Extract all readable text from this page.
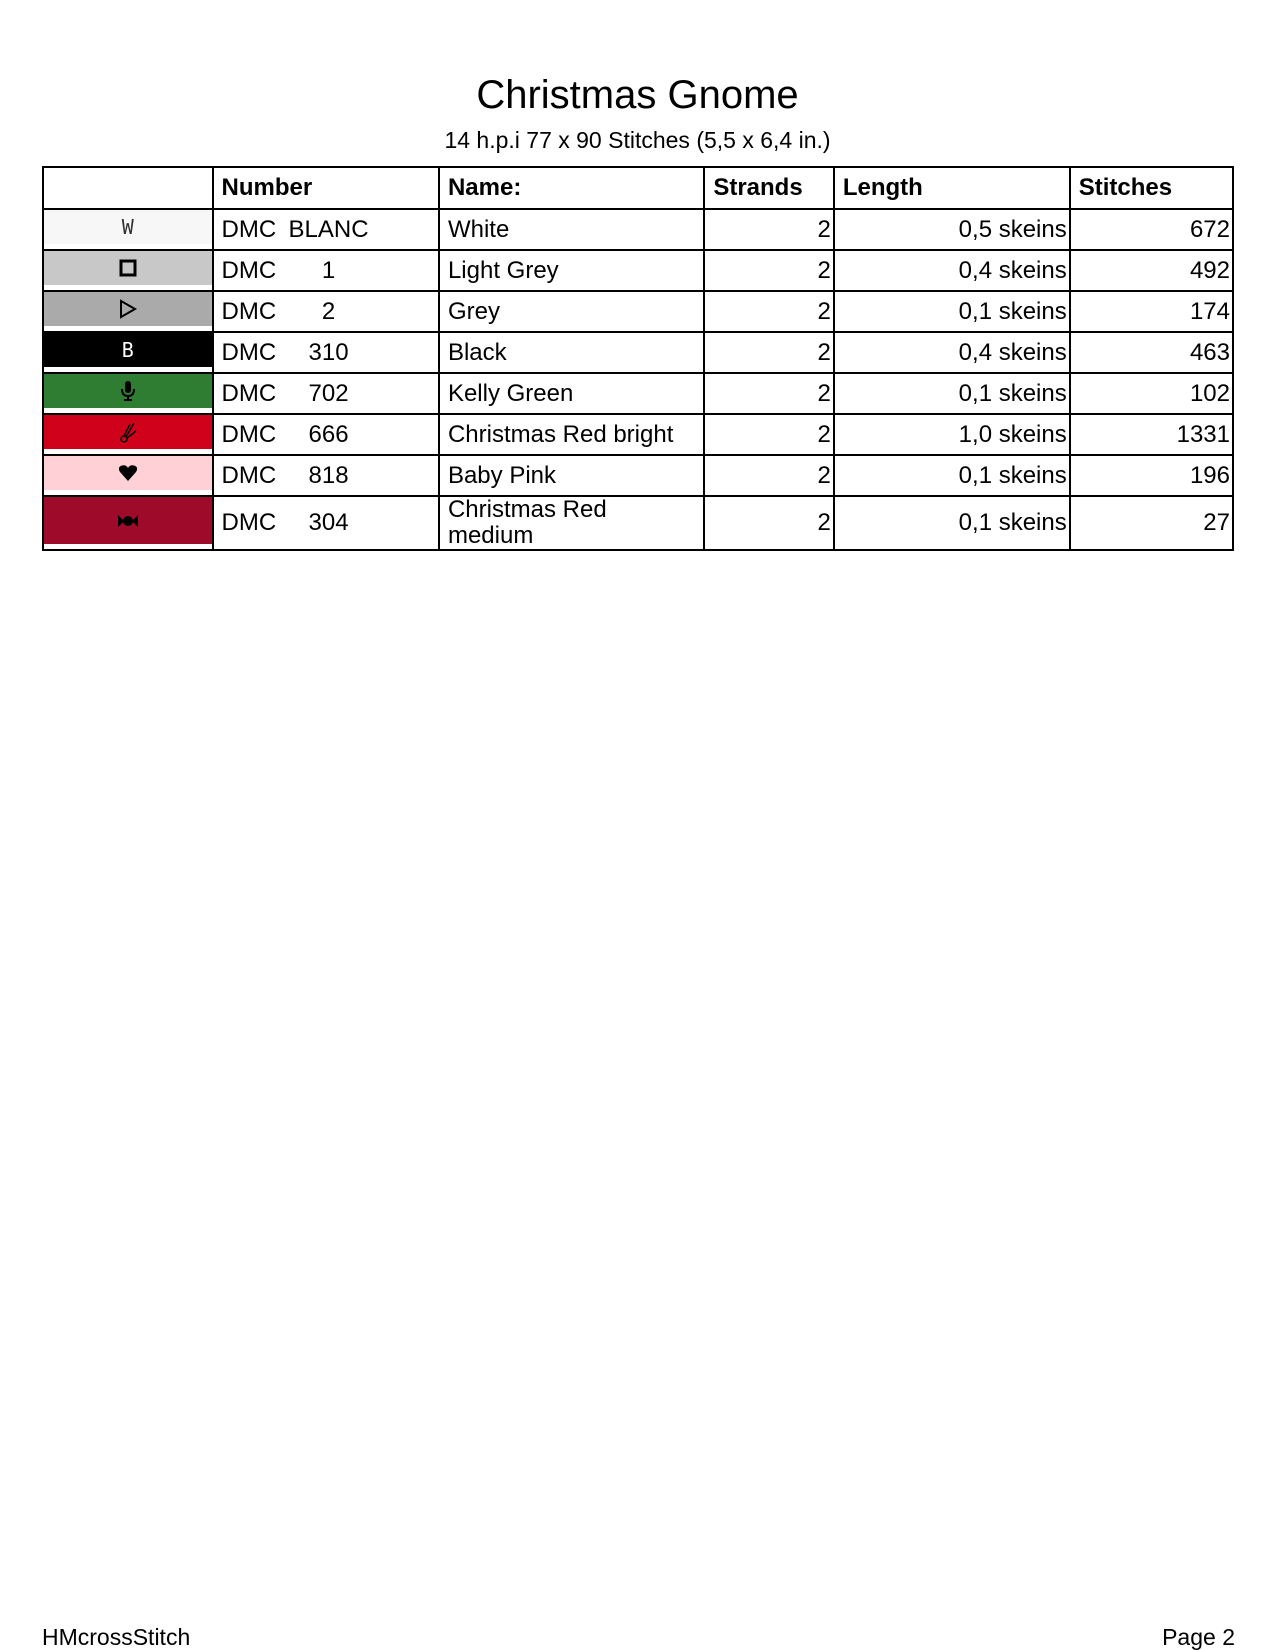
Christmas Gnome
14 h.p.i 77 x 90 Stitches (5,5 x 6,4 in.)
	Number	Name:	Strands	Length	Stitches

W	DMC BLANC	White	2	0,5 skeins	672

	DMC 1	Light Grey	2	0,4 skeins	492

	DMC 2	Grey	2	0,1 skeins	174

B	DMC 310	Black	2	0,4 skeins	463

	DMC 702	Kelly Green	2	0,1 skeins	102

	DMC 666	Christmas Red bright	2	1,0 skeins	1331

	DMC 818	Baby Pink	2	0,1 skeins	196

	DMC 304	Christmas Red medium	2	0,1 skeins	27
HMcrossStitch	Page 2
